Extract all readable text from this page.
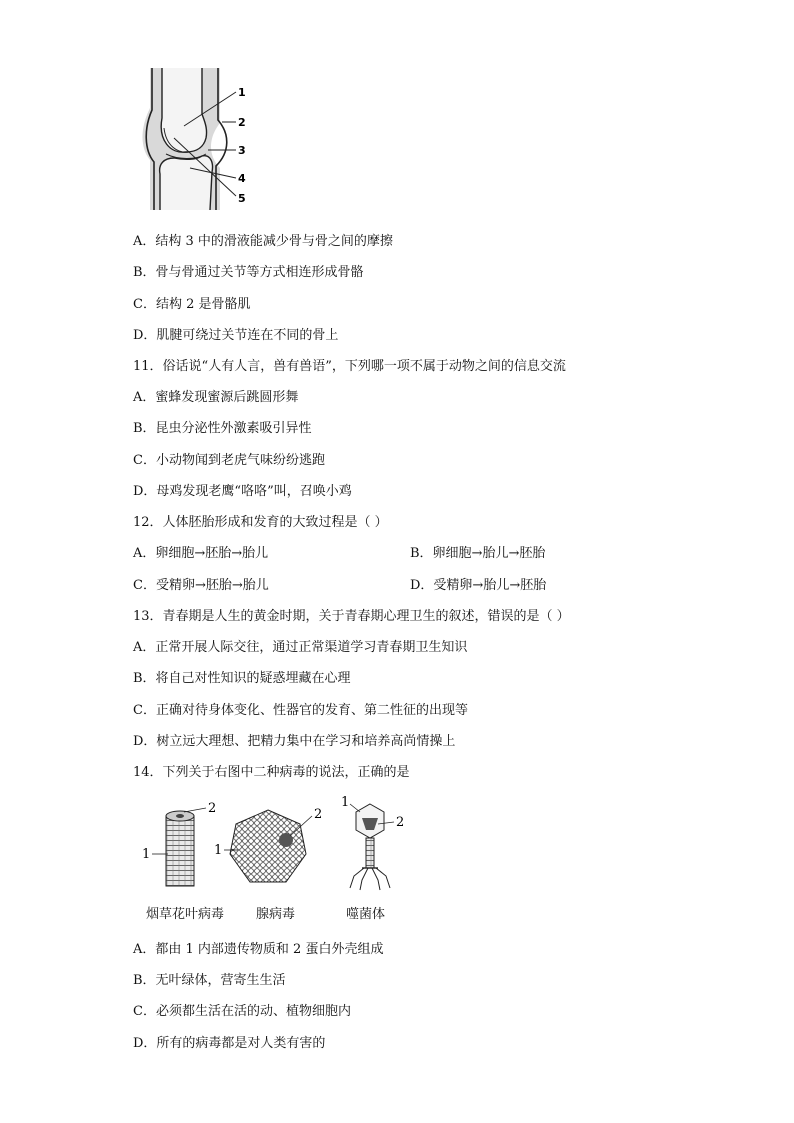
1
2
3
4
5
A．结构 3 中的滑液能减少骨与骨之间的摩擦
B．骨与骨通过关节等方式相连形成骨骼
C．结构 2 是骨骼肌
D．肌腱可绕过关节连在不同的骨上
11．俗话说“人有人言，兽有兽语”，下列哪一项不属于动物之间的信息交流
A．蜜蜂发现蜜源后跳圆形舞
B．昆虫分泌性外激素吸引异性
C．小动物闻到老虎气味纷纷逃跑
D．母鸡发现老鹰“咯咯”叫，召唤小鸡
12．人体胚胎形成和发育的大致过程是（ ）
A．卵细胞→胚胎→胎儿	B．卵细胞→胎儿→胚胎
C．受精卵→胚胎→胎儿	D．受精卵→胎儿→胚胎
13．青春期是人生的黄金时期，关于青春期心理卫生的叙述，错误的是（ ）
A．正常开展人际交往，通过正常渠道学习青春期卫生知识
B．将自己对性知识的疑惑埋藏在心理
C．正确对待身体变化、性器官的发育、第二性征的出现等
D．树立远大理想、把精力集中在学习和培养高尚情操上
14．下列关于右图中二种病毒的说法，正确的是
2
1
2
1
1
2
烟草花叶病毒 腺病毒	噬菌体
A．都由 1 内部遗传物质和 2 蛋白外壳组成
B．无叶绿体，营寄生生活
C．必须都生活在活的动、植物细胞内
D．所有的病毒都是对人类有害的
